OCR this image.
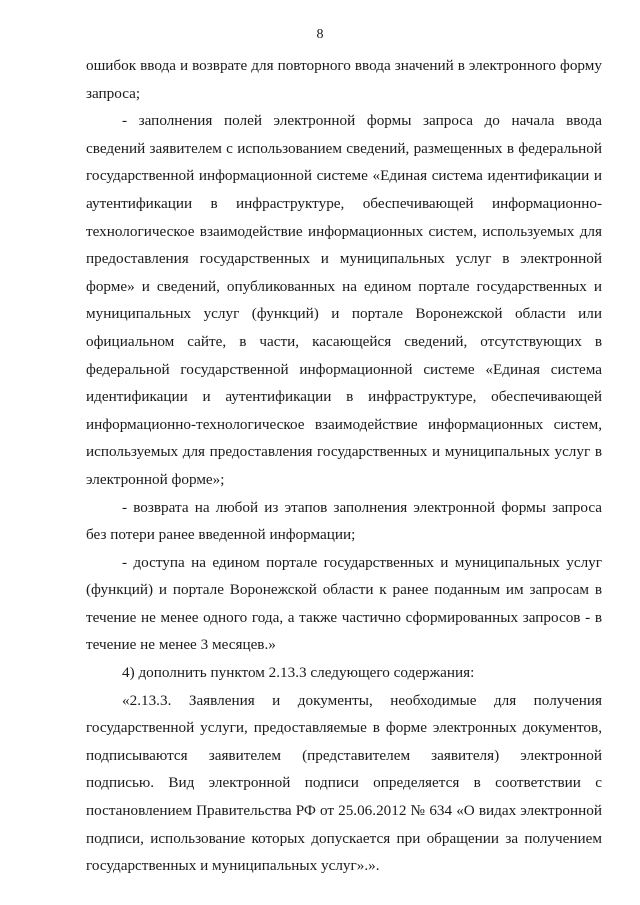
8

ошибок ввода и возврате для повторного ввода значений в электронного форму запроса;

- заполнения полей электронной формы запроса до начала ввода сведений заявителем с использованием сведений, размещенных в федеральной государственной информационной системе «Единая система идентификации и аутентификации в инфраструктуре, обеспечивающей информационно-технологическое взаимодействие информационных систем, используемых для предоставления государственных и муниципальных услуг в электронной форме» и сведений, опубликованных на едином портале государственных и муниципальных услуг (функций) и портале Воронежской области или официальном сайте, в части, касающейся сведений, отсутствующих в федеральной государственной информационной системе «Единая система идентификации и аутентификации в инфраструктуре, обеспечивающей информационно-технологическое взаимодействие информационных систем, используемых для предоставления государственных и муниципальных услуг в электронной форме»;

- возврата на любой из этапов заполнения электронной формы запроса без потери ранее введенной информации;

- доступа на едином портале государственных и муниципальных услуг (функций) и портале Воронежской области к ранее поданным им запросам в течение не менее одного года, а также частично сформированных запросов - в течение не менее 3 месяцев.»

4) дополнить пунктом 2.13.3 следующего содержания:

«2.13.3. Заявления и документы, необходимые для получения государственной услуги, предоставляемые в форме электронных документов, подписываются заявителем (представителем заявителя) электронной подписью. Вид электронной подписи определяется в соответствии с постановлением Правительства РФ от 25.06.2012 № 634 «О видах электронной подписи, использование которых допускается при обращении за получением государственных и муниципальных услуг».».
